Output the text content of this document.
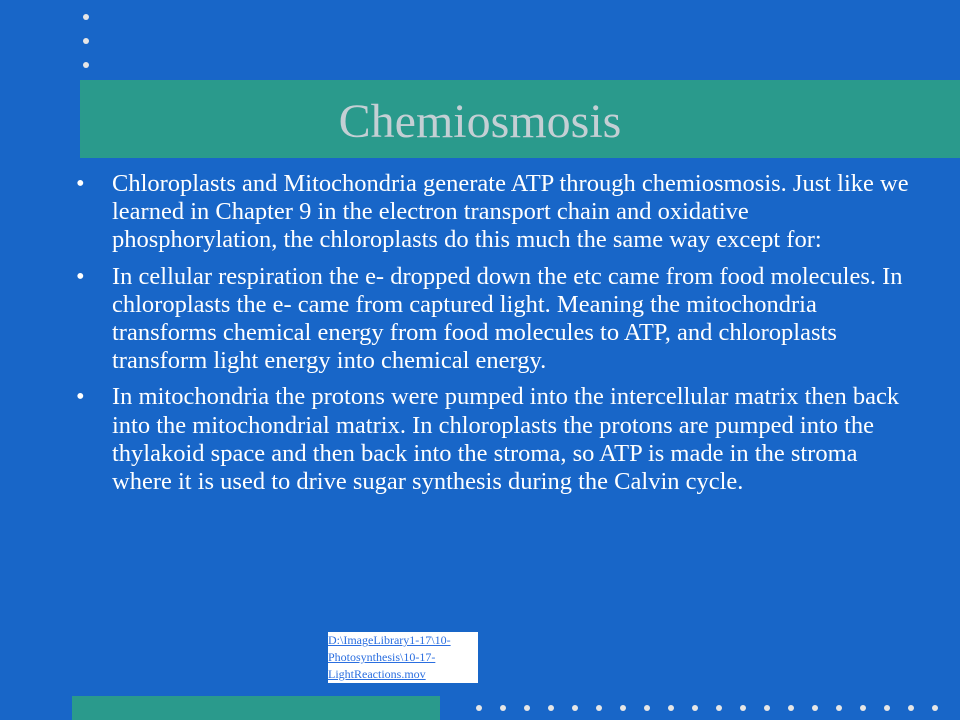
Chemiosmosis
• Chloroplasts and Mitochondria generate ATP through chemiosmosis. Just like we learned in Chapter 9 in the electron transport chain and oxidative phosphorylation, the chloroplasts do this much the same way except for:
• In cellular respiration the e- dropped down the etc came from food molecules. In chloroplasts the e- came from captured light. Meaning the mitochondria transforms chemical energy from food molecules to ATP, and chloroplasts transform light energy into chemical energy.
• In mitochondria the protons were pumped into the intercellular matrix then back into the mitochondrial matrix. In chloroplasts the protons are pumped into the thylakoid space and then back into the stroma, so ATP is made in the stroma where it is used to drive sugar synthesis during the Calvin cycle.
D:\ImageLibrary1-17\10-Photosynthesis\10-17-LightReactions.mov
